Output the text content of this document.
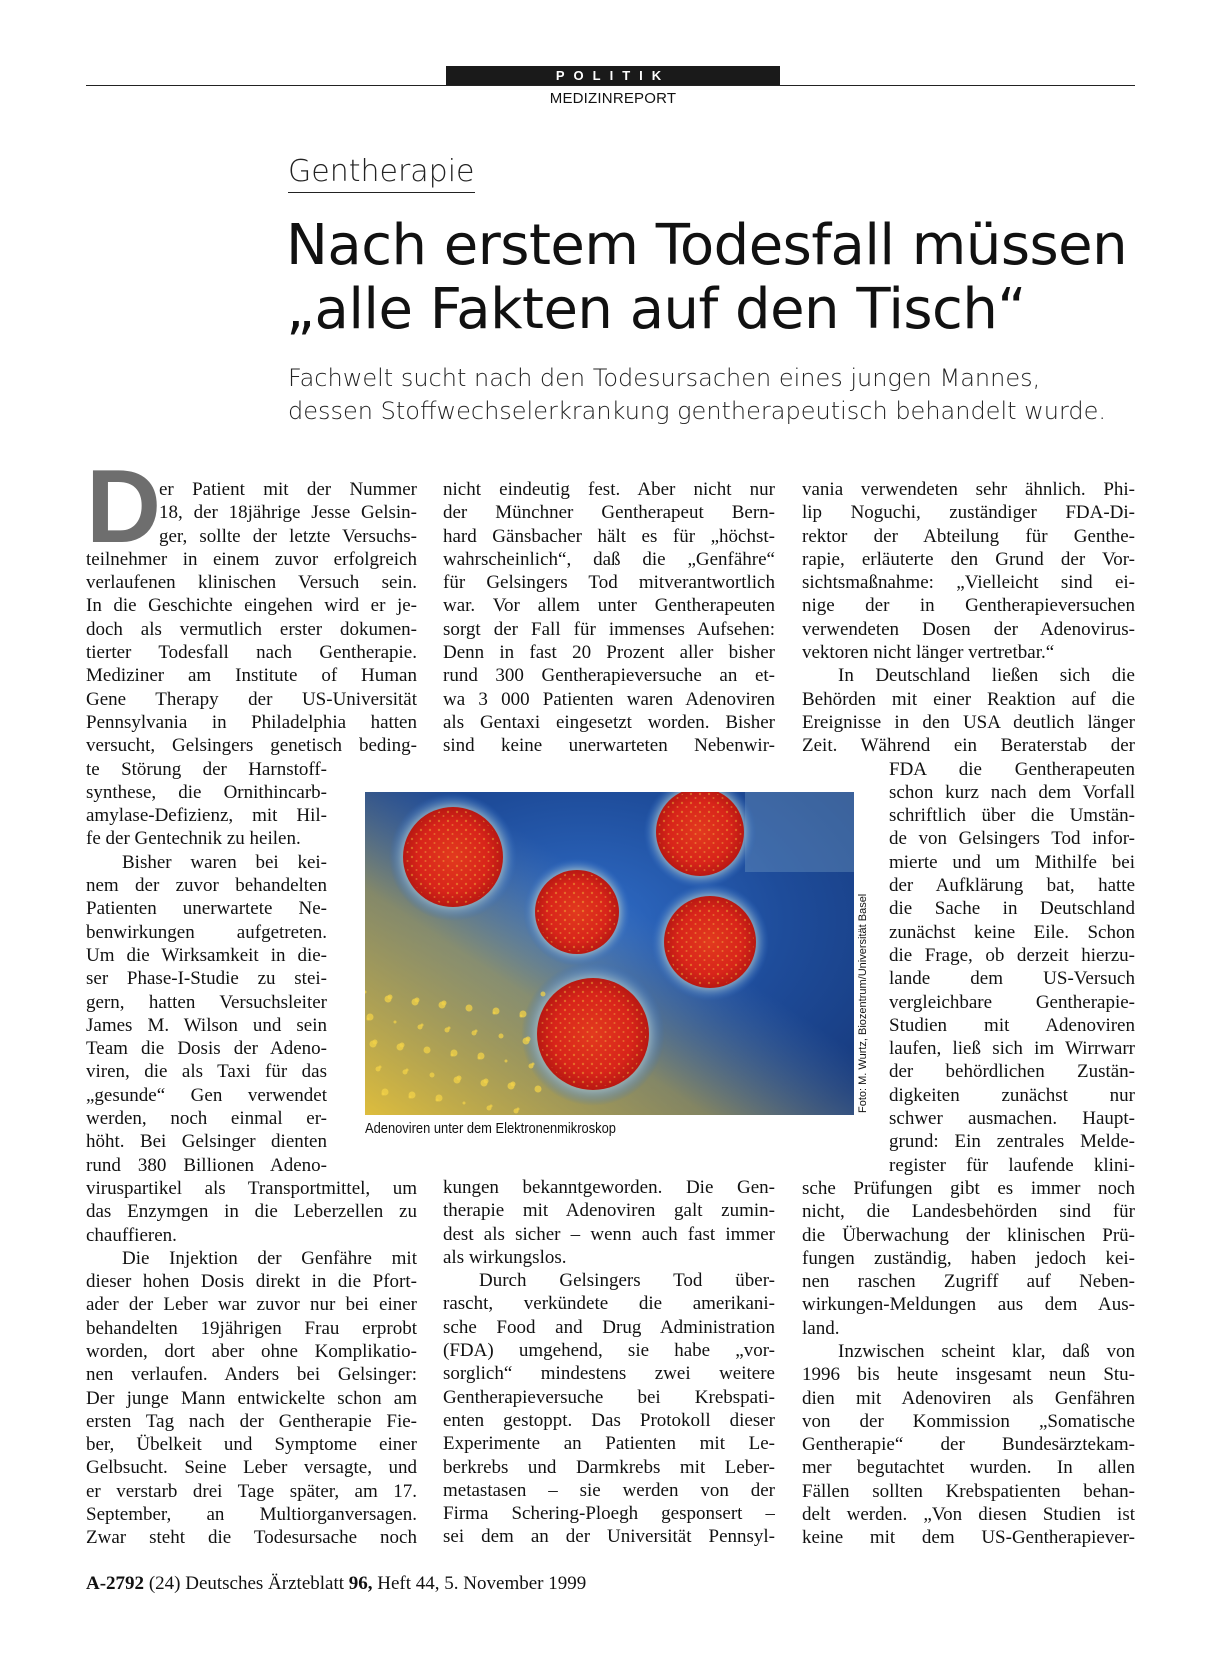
POLITIK
MEDIZINREPORT
Gentherapie
Nach erstem Todesfall müssen
„alle Fakten auf den Tisch“
Fachwelt sucht nach den Todesursachen eines jungen Mannes,
dessen Stoffwechselerkrankung gentherapeutisch behandelt wurde.
D
er Patient mit der Nummer
18, der 18jährige Jesse Gelsin-
ger, sollte der letzte Versuchs-
teilnehmer in einem zuvor erfolgreich
verlaufenen klinischen Versuch sein.
In die Geschichte eingehen wird er je-
doch als vermutlich erster dokumen-
tierter Todesfall nach Gentherapie.
Mediziner am Institute of Human
Gene Therapy der US-Universität
Pennsylvania in Philadelphia hatten
versucht, Gelsingers genetisch beding-
te Störung der Harnstoff-
synthese, die Ornithincarb-
amylase-Defizienz, mit Hil-
fe der Gentechnik zu heilen.
Bisher waren bei kei-
nem der zuvor behandelten
Patienten unerwartete Ne-
benwirkungen aufgetreten.
Um die Wirksamkeit in die-
ser Phase-I-Studie zu stei-
gern, hatten Versuchsleiter
James M. Wilson und sein
Team die Dosis der Adeno-
viren, die als Taxi für das
„gesunde“ Gen verwendet
werden, noch einmal er-
höht. Bei Gelsinger dienten
rund 380 Billionen Adeno-
viruspartikel als Transportmittel, um
das Enzymgen in die Leberzellen zu
chauffieren.
Die Injektion der Genfähre mit
dieser hohen Dosis direkt in die Pfort-
ader der Leber war zuvor nur bei einer
behandelten 19jährigen Frau erprobt
worden, dort aber ohne Komplikatio-
nen verlaufen. Anders bei Gelsinger:
Der junge Mann entwickelte schon am
ersten Tag nach der Gentherapie Fie-
ber, Übelkeit und Symptome einer
Gelbsucht. Seine Leber versagte, und
er verstarb drei Tage später, am 17.
September, an Multiorganversagen.
Zwar steht die Todesursache noch
nicht eindeutig fest. Aber nicht nur
der Münchner Gentherapeut Bern-
hard Gänsbacher hält es für „höchst-
wahrscheinlich“, daß die „Genfähre“
für Gelsingers Tod mitverantwortlich
war. Vor allem unter Gentherapeuten
sorgt der Fall für immenses Aufsehen:
Denn in fast 20 Prozent aller bisher
rund 300 Gentherapieversuche an et-
wa 3 000 Patienten waren Adenoviren
als Gentaxi eingesetzt worden. Bisher
sind keine unerwarteten Nebenwir-
kungen bekanntgeworden. Die Gen-
therapie mit Adenoviren galt zumin-
dest als sicher – wenn auch fast immer
als wirkungslos.
Durch Gelsingers Tod über-
rascht, verkündete die amerikani-
sche Food and Drug Administration
(FDA) umgehend, sie habe „vor-
sorglich“ mindestens zwei weitere
Gentherapieversuche bei Krebspati-
enten gestoppt. Das Protokoll dieser
Experimente an Patienten mit Le-
berkrebs und Darmkrebs mit Leber-
metastasen – sie werden von der
Firma Schering-Ploegh gesponsert –
sei dem an der Universität Pennsyl-
vania verwendeten sehr ähnlich. Phi-
lip Noguchi, zuständiger FDA-Di-
rektor der Abteilung für Genthe-
rapie, erläuterte den Grund der Vor-
sichtsmaßnahme: „Vielleicht sind ei-
nige der in Gentherapieversuchen
verwendeten Dosen der Adenovirus-
vektoren nicht länger vertretbar.“
In Deutschland ließen sich die
Behörden mit einer Reaktion auf die
Ereignisse in den USA deutlich länger
Zeit. Während ein Beraterstab der
FDA die Gentherapeuten
schon kurz nach dem Vorfall
schriftlich über die Umstän-
de von Gelsingers Tod infor-
mierte und um Mithilfe bei
der Aufklärung bat, hatte
die Sache in Deutschland
zunächst keine Eile. Schon
die Frage, ob derzeit hierzu-
lande dem US-Versuch
vergleichbare Gentherapie-
Studien mit Adenoviren
laufen, ließ sich im Wirrwarr
der behördlichen Zustän-
digkeiten zunächst nur
schwer ausmachen. Haupt-
grund: Ein zentrales Melde-
register für laufende klini-
sche Prüfungen gibt es immer noch
nicht, die Landesbehörden sind für
die Überwachung der klinischen Prü-
fungen zuständig, haben jedoch kei-
nen raschen Zugriff auf Neben-
wirkungen-Meldungen aus dem Aus-
land.
Inzwischen scheint klar, daß von
1996 bis heute insgesamt neun Stu-
dien mit Adenoviren als Genfähren
von der Kommission „Somatische
Gentherapie“ der Bundesärztekam-
mer begutachtet wurden. In allen
Fällen sollten Krebspatienten behan-
delt werden. „Von diesen Studien ist
keine mit dem US-Gentherapiever-
Adenoviren unter dem Elektronenmikroskop
Foto: M. Wurtz, Biozentrum/Universität Basel
A-2792 (24) Deutsches Ärzteblatt 96, Heft 44, 5. November 1999
